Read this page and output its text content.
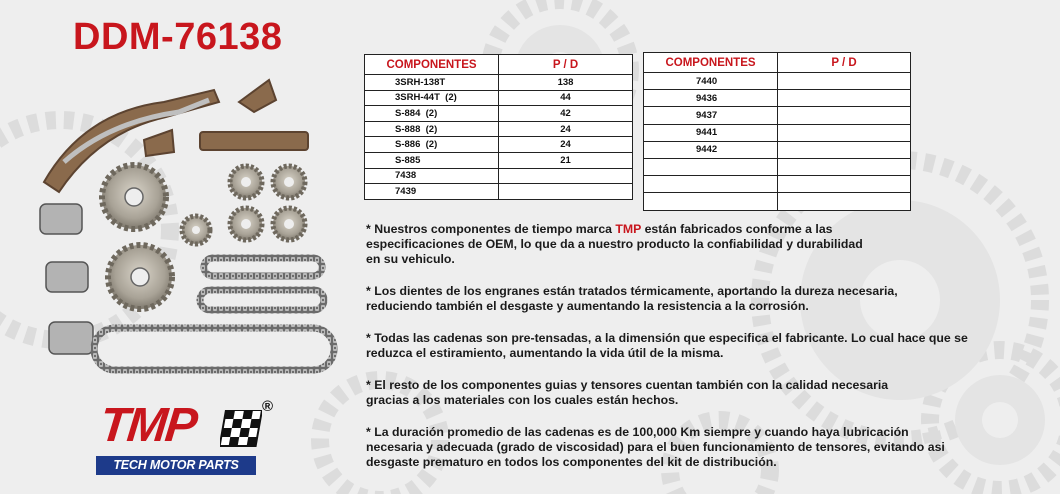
DDM-76138
COMPONENTES	P / D
3SRH-138T	138
3SRH-44T  (2)	44
S-884  (2)	42
S-888  (2)	24
S-886  (2)	24
S-885	21
7438	
7439	
COMPONENTES	P / D
7440	
9436	
9437	
9441	
9442	

* Nuestros componentes de tiempo marca TMP están fabricados conforme a las
especificaciones de OEM, lo que da a nuestro producto la confiabilidad y durabilidad
en su vehiculo.

* Los dientes de los engranes están tratados térmicamente, aportando la dureza necesaria,
reduciendo también el desgaste y aumentando la resistencia a la corrosión.

* Todas las cadenas son pre-tensadas, a la dimensión que especifica el fabricante. Lo cual hace que se
reduzca el estiramiento, aumentando la vida útil de la misma.

* El resto de los componentes guias y tensores cuentan también con la calidad necesaria
gracias a los materiales con los cuales están hechos.

* La duración promedio de las cadenas es de 100,000 Km siempre y cuando haya lubricación
necesaria y adecuada (grado de viscosidad) para el buen funcionamiento de tensores, evitando asi
desgaste prematuro en todos los componentes del kit de distribución.

TMP	®
TECH MOTOR PARTS
